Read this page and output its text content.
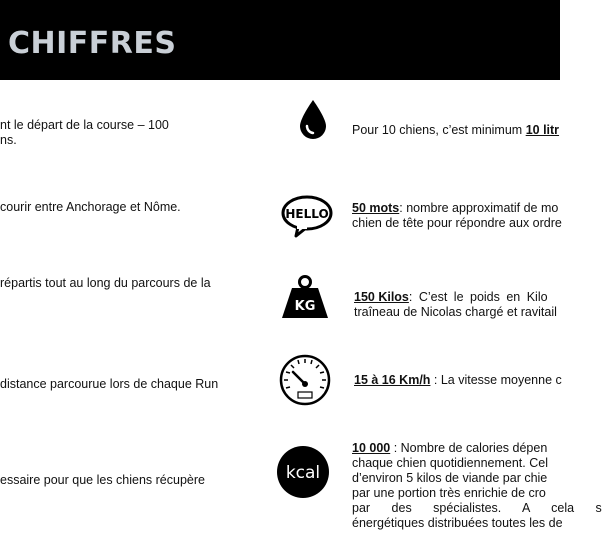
CHIFFRES
nt le départ de la course – 100
ns.
courir entre Anchorage et Nôme.
répartis tout au long du parcours de la
distance parcourue lors de chaque Run
essaire pour que les chiens récupère
HELLO
KG
kcal
Pour 10 chiens, c’est minimum 10 litr
50 mots: nombre approximatif de mo
chien de tête pour répondre aux ordre
150 Kilos: C’est le poids en Kilo
traîneau de Nicolas chargé et ravitail
15 à 16 Km/h : La vitesse moyenne c
10 000 : Nombre de calories dépen
chaque chien quotidiennement. Cel
d’environ 5 kilos de viande par chie
par une portion très enrichie de cro
par des spécialistes. A cela s
énergétiques distribuées toutes les de
